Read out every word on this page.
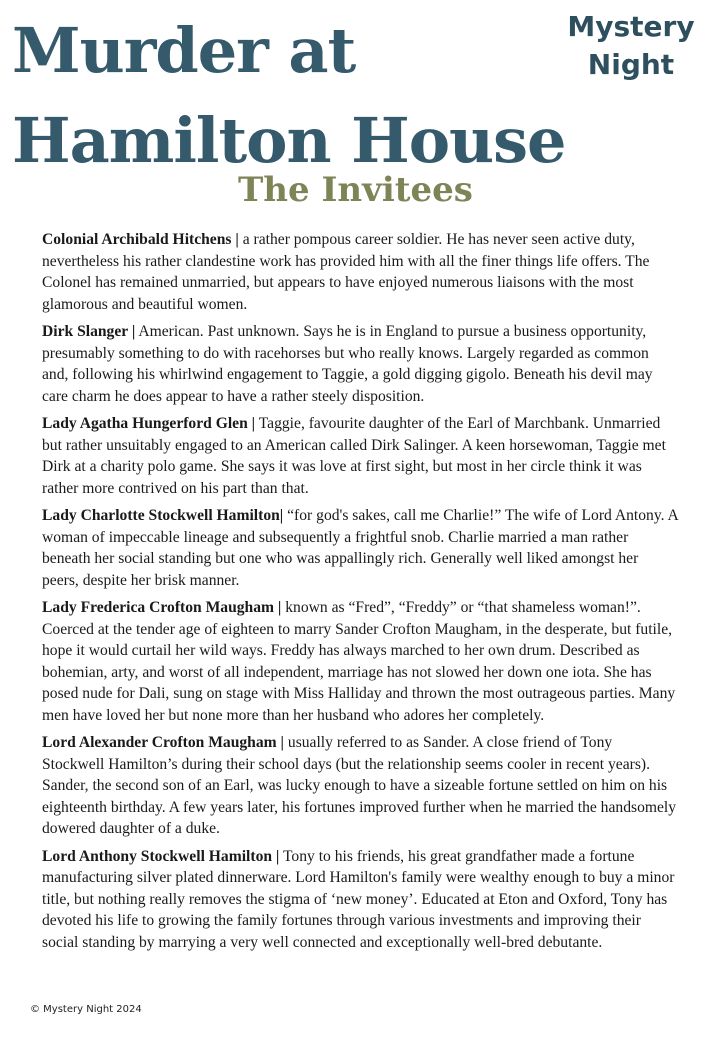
Murder at
Hamilton House
Mystery
Night
The Invitees
Colonial Archibald Hitchens | a rather pompous career soldier. He has never seen active duty, nevertheless his rather clandestine work has provided him with all the finer things life offers. The Colonel has remained unmarried, but appears to have enjoyed numerous liaisons with the most glamorous and beautiful women.
Dirk Slanger | American. Past unknown. Says he is in England to pursue a business opportunity, presumably something to do with racehorses but who really knows. Largely regarded as common and, following his whirlwind engagement to Taggie, a gold digging gigolo. Beneath his devil may care charm he does appear to have a rather steely disposition.
Lady Agatha Hungerford Glen | Taggie, favourite daughter of the Earl of Marchbank. Unmarried but rather unsuitably engaged to an American called Dirk Salinger. A keen horsewoman, Taggie met Dirk at a charity polo game. She says it was love at first sight, but most in her circle think it was rather more contrived on his part than that.
Lady Charlotte Stockwell Hamilton| “for god's sakes, call me Charlie!” The wife of Lord Antony. A woman of impeccable lineage and subsequently a frightful snob. Charlie married a man rather beneath her social standing but one who was appallingly rich. Generally well liked amongst her peers, despite her brisk manner.
Lady Frederica Crofton Maugham | known as “Fred”, “Freddy” or “that shameless woman!”. Coerced at the tender age of eighteen to marry Sander Crofton Maugham, in the desperate, but futile, hope it would curtail her wild ways. Freddy has always marched to her own drum. Described as bohemian, arty, and worst of all independent, marriage has not slowed her down one iota. She has posed nude for Dali, sung on stage with Miss Halliday and thrown the most outrageous parties. Many men have loved her but none more than her husband who adores her completely.
Lord Alexander Crofton Maugham | usually referred to as Sander. A close friend of Tony Stockwell Hamilton’s during their school days (but the relationship seems cooler in recent years). Sander, the second son of an Earl, was lucky enough to have a sizeable fortune settled on him on his eighteenth birthday. A few years later, his fortunes improved further when he married the handsomely dowered daughter of a duke.
Lord Anthony Stockwell Hamilton | Tony to his friends, his great grandfather made a fortune manufacturing silver plated dinnerware. Lord Hamilton's family were wealthy enough to buy a minor title, but nothing really removes the stigma of ‘new money’. Educated at Eton and Oxford, Tony has devoted his life to growing the family fortunes through various investments and improving their social standing by marrying a very well connected and exceptionally well-bred debutante.
© Mystery Night 2024
